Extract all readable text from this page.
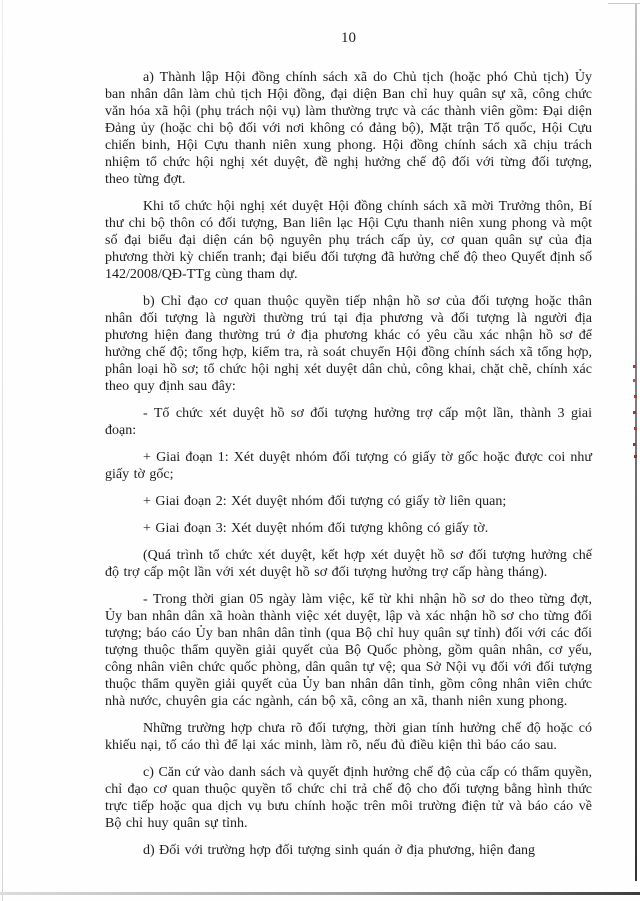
10

a) Thành lập Hội đồng chính sách xã do Chủ tịch (hoặc phó Chủ tịch) Ủy ban nhân dân làm chủ tịch Hội đồng, đại diện Ban chỉ huy quân sự xã, công chức văn hóa xã hội (phụ trách nội vụ) làm thường trực và các thành viên gồm: Đại diện Đảng ủy (hoặc chi bộ đối với nơi không có đảng bộ), Mặt trận Tổ quốc, Hội Cựu chiến binh, Hội Cựu thanh niên xung phong. Hội đồng chính sách xã chịu trách nhiệm tổ chức hội nghị xét duyệt, đề nghị hưởng chế độ đối với từng đối tượng, theo từng đợt.

Khi tổ chức hội nghị xét duyệt Hội đồng chính sách xã mời Trưởng thôn, Bí thư chi bộ thôn có đối tượng, Ban liên lạc Hội Cựu thanh niên xung phong và một số đại biểu đại diện cán bộ nguyên phụ trách cấp ủy, cơ quan quân sự của địa phương thời kỳ chiến tranh; đại biểu đối tượng đã hưởng chế độ theo Quyết định số 142/2008/QĐ-TTg cùng tham dự.

b) Chỉ đạo cơ quan thuộc quyền tiếp nhận hồ sơ của đối tượng hoặc thân nhân đối tượng là người thường trú tại địa phương và đối tượng là người địa phương hiện đang thường trú ở địa phương khác có yêu cầu xác nhận hồ sơ để hưởng chế độ; tổng hợp, kiểm tra, rà soát chuyển Hội đồng chính sách xã tổng hợp, phân loại hồ sơ; tổ chức hội nghị xét duyệt dân chủ, công khai, chặt chẽ, chính xác theo quy định sau đây:

- Tổ chức xét duyệt hồ sơ đối tượng hưởng trợ cấp một lần, thành 3 giai đoạn:

+ Giai đoạn 1: Xét duyệt nhóm đối tượng có giấy tờ gốc hoặc được coi như giấy tờ gốc;

+ Giai đoạn 2: Xét duyệt nhóm đối tượng có giấy tờ liên quan;

+ Giai đoạn 3: Xét duyệt nhóm đối tượng không có giấy tờ.

(Quá trình tổ chức xét duyệt, kết hợp xét duyệt hồ sơ đối tượng hưởng chế độ trợ cấp một lần với xét duyệt hồ sơ đối tượng hưởng trợ cấp hàng tháng).

- Trong thời gian 05 ngày làm việc, kể từ khi nhận hồ sơ do theo từng đợt, Ủy ban nhân dân xã hoàn thành việc xét duyệt, lập và xác nhận hồ sơ cho từng đối tượng; báo cáo Ủy ban nhân dân tỉnh (qua Bộ chỉ huy quân sự tỉnh) đối với các đối tượng thuộc thẩm quyền giải quyết của Bộ Quốc phòng, gồm quân nhân, cơ yếu, công nhân viên chức quốc phòng, dân quân tự vệ; qua Sở Nội vụ đối với đối tượng thuộc thẩm quyền giải quyết của Ủy ban nhân dân tỉnh, gồm công nhân viên chức nhà nước, chuyên gia các ngành, cán bộ xã, công an xã, thanh niên xung phong.

Những trường hợp chưa rõ đối tượng, thời gian tính hưởng chế độ hoặc có khiếu nại, tố cáo thì để lại xác minh, làm rõ, nếu đủ điều kiện thì báo cáo sau.

c) Căn cứ vào danh sách và quyết định hưởng chế độ của cấp có thẩm quyền, chỉ đạo cơ quan thuộc quyền tổ chức chi trả chế độ cho đối tượng bằng hình thức trực tiếp hoặc qua dịch vụ bưu chính hoặc trên môi trường điện tử và báo cáo về Bộ chỉ huy quân sự tỉnh.

d) Đối với trường hợp đối tượng sinh quán ở địa phương, hiện đang
